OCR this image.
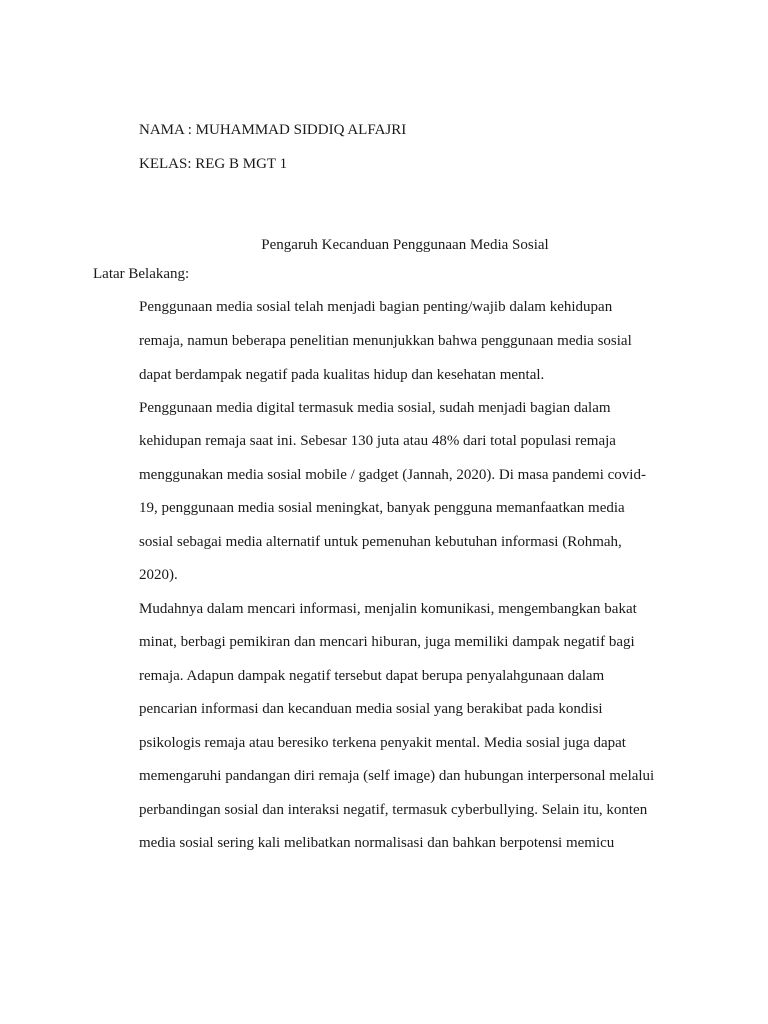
NAMA : MUHAMMAD SIDDIQ ALFAJRI

KELAS: REG B MGT 1

Pengaruh Kecanduan Penggunaan Media Sosial

Latar Belakang:

Penggunaan media sosial telah menjadi bagian penting/wajib dalam kehidupan

remaja, namun beberapa penelitian menunjukkan bahwa penggunaan media sosial

dapat berdampak negatif pada kualitas hidup dan kesehatan mental.

Penggunaan media digital termasuk media sosial, sudah menjadi bagian dalam

kehidupan remaja saat ini. Sebesar 130 juta atau 48% dari total populasi remaja

menggunakan media sosial mobile / gadget (Jannah, 2020). Di masa pandemi covid-

19, penggunaan media sosial meningkat, banyak pengguna memanfaatkan media

sosial sebagai media alternatif untuk pemenuhan kebutuhan informasi (Rohmah,

2020).

Mudahnya dalam mencari informasi, menjalin komunikasi, mengembangkan bakat

minat, berbagi pemikiran dan mencari hiburan, juga memiliki dampak negatif bagi

remaja. Adapun dampak negatif tersebut dapat berupa penyalahgunaan dalam

pencarian informasi dan kecanduan media sosial yang berakibat pada kondisi

psikologis remaja atau beresiko terkena penyakit mental. Media sosial juga dapat

memengaruhi pandangan diri remaja (self image) dan hubungan interpersonal melalui

perbandingan sosial dan interaksi negatif, termasuk cyberbullying. Selain itu, konten

media sosial sering kali melibatkan normalisasi dan bahkan berpotensi memicu
